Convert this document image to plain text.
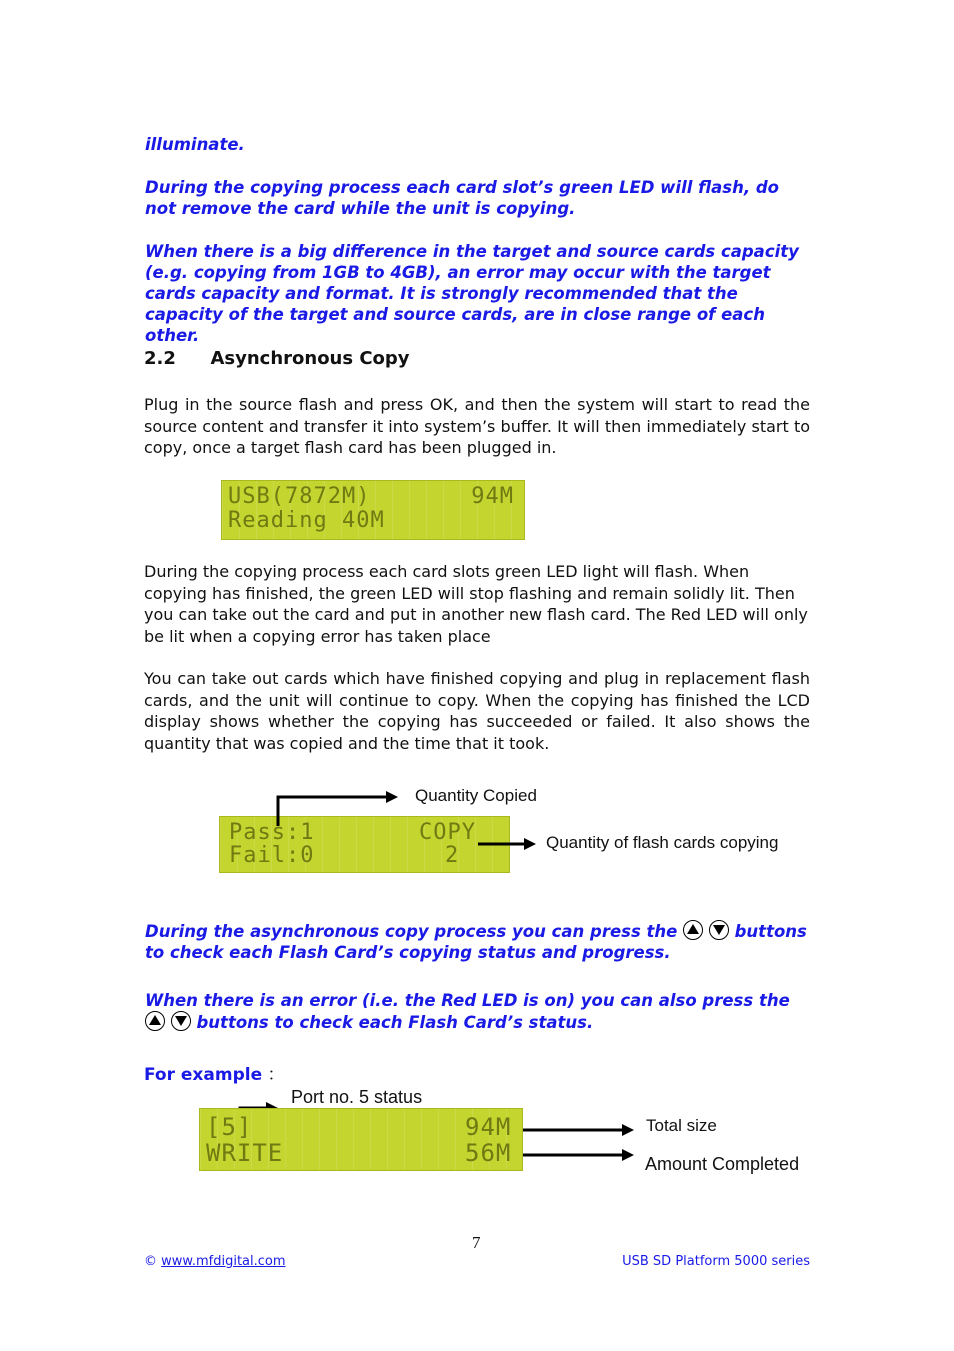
illuminate.
During the copying process each card slot’s green LED will flash, do not remove the card while the unit is copying.
When there is a big difference in the target and source cards capacity (e.g. copying from 1GB to 4GB), an error may occur with the target cards capacity and format. It is strongly recommended that the capacity of the target and source cards, are in close range of each other.
2.2 Asynchronous Copy
Plug in the source flash and press OK, and then the system will start to read the source content and transfer it into system’s buffer. It will then immediately start to copy, once a target flash card has been plugged in.
USB(7872M)	94M
Reading 40M
During the copying process each card slots green LED light will flash. When copying has finished, the green LED will stop flashing and remain solidly lit. Then you can take out the card and put in another new flash card. The Red LED will only be lit when a copying error has taken place
You can take out cards which have finished copying and plug in replacement flash cards, and the unit will continue to copy. When the copying has finished the LCD display shows whether the copying has succeeded or failed. It also shows the quantity that was copied and the time that it took.
Pass:1	COPY
Fail:0	2
Quantity Copied
Quantity of flash cards copying
During the asynchronous copy process you can press the
	buttons to check each Flash Card’s copying status and progress.
When there is an error (i.e. the Red LED is on) you can also press the

buttons to check each Flash Card’s status.
For example ：
Port no. 5 status
[5]	94M
WRITE	56M
Total size
Amount Completed
7
© www.mfdigital.com	USB SD Platform 5000 series
